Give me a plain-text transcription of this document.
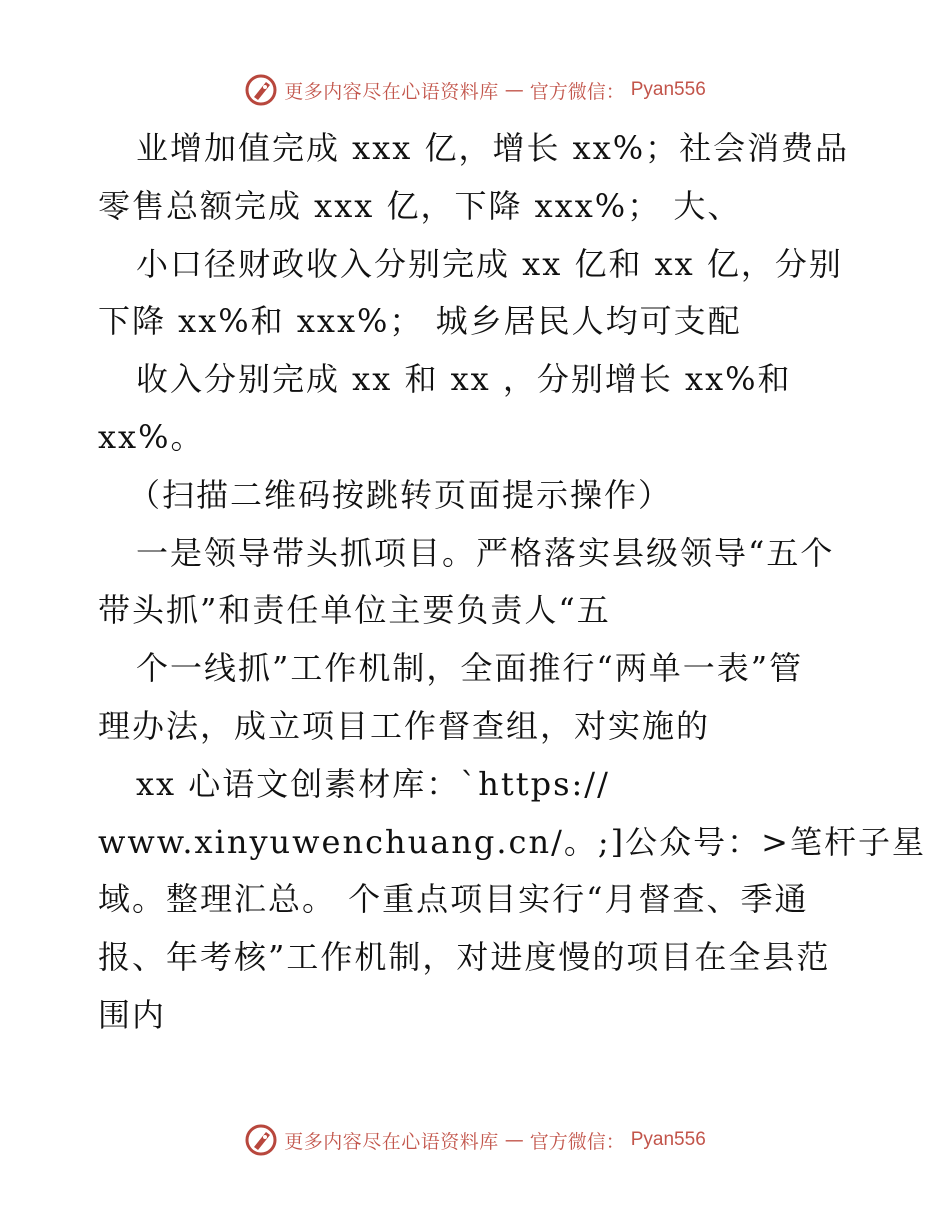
更多内容尽在心语资料库 — 官方微信： Pyan556
业增加值完成 xxx 亿，增长 xx%；社会消费品
零售总额完成 xxx 亿，下降 xxx%； 大、
小口径财政收入分别完成 xx 亿和 xx 亿，分别
下降 xx%和 xxx%； 城乡居民人均可支配
收入分别完成 xx 和 xx ，分别增长 xx%和
xx%。
（扫描二维码按跳转页面提示操作）
一是领导带头抓项目。严格落实县级领导“五个
带头抓”和责任单位主要负责人“五
个一线抓”工作机制，全面推行“两单一表”管
理办法，成立项目工作督查组，对实施的
xx 心语文创素材库：`https://
www.xinyuwenchuang.cn/。;]公众号：>笔杆子星
域。整理汇总。 个重点项目实行“月督查、季通
报、年考核”工作机制，对进度慢的项目在全县范
围内
更多内容尽在心语资料库 — 官方微信： Pyan556
